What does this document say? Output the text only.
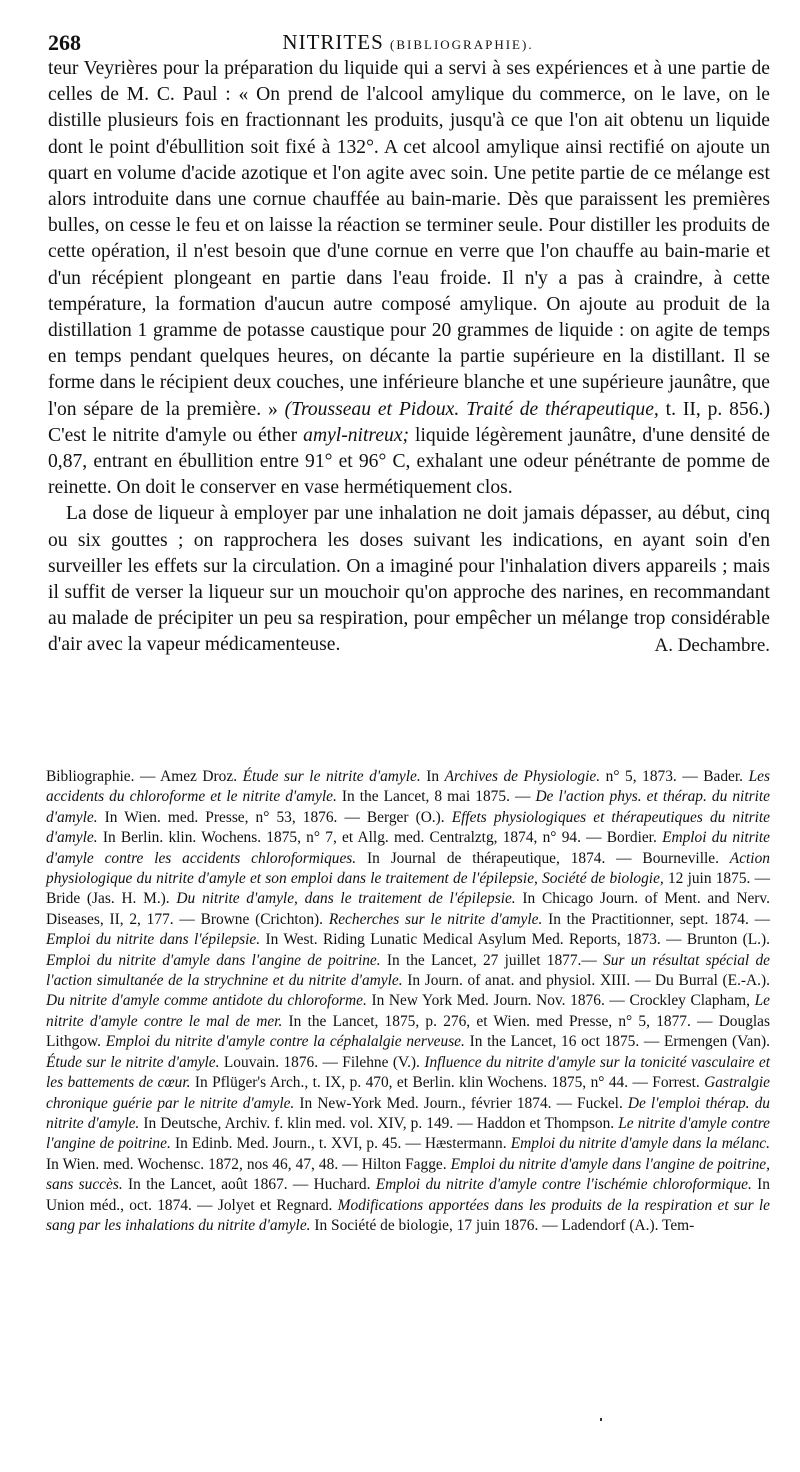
268	NITRITES (BIBLIOGRAPHIE).

teur Veyrières pour la préparation du liquide qui a servi à ses expériences et à une partie de celles de M. C. Paul : « On prend de l'alcool amylique du commerce, on le lave, on le distille plusieurs fois en fractionnant les produits, jusqu'à ce que l'on ait obtenu un liquide dont le point d'ébullition soit fixé à 132°. A cet alcool amylique ainsi rectifié on ajoute un quart en volume d'acide azotique et l'on agite avec soin. Une petite partie de ce mélange est alors introduite dans une cornue chauffée au bain-marie. Dès que paraissent les premières bulles, on cesse le feu et on laisse la réaction se terminer seule. Pour distiller les produits de cette opération, il n'est besoin que d'une cornue en verre que l'on chauffe au bain-marie et d'un récépient plongeant en partie dans l'eau froide. Il n'y a pas à craindre, à cette température, la formation d'aucun autre composé amylique. On ajoute au produit de la distillation 1 gramme de potasse caustique pour 20 grammes de liquide : on agite de temps en temps pendant quelques heures, on décante la partie supérieure en la distillant. Il se forme dans le récipient deux couches, une inférieure blanche et une supérieure jaunâtre, que l'on sépare de la première. » (Trousseau et Pidoux. Traité de thérapeutique, t. II, p. 856.) C'est le nitrite d'amyle ou éther amyl-nitreux; liquide légèrement jaunâtre, d'une densité de 0,87, entrant en ébullition entre 91° et 96° C, exhalant une odeur pénétrante de pomme de reinette. On doit le conserver en vase hermétiquement clos.

La dose de liqueur à employer par une inhalation ne doit jamais dépasser, au début, cinq ou six gouttes ; on rapprochera les doses suivant les indications, en ayant soin d'en surveiller les effets sur la circulation. On a imaginé pour l'inhalation divers appareils ; mais il suffit de verser la liqueur sur un mouchoir qu'on approche des narines, en recommandant au malade de précipiter un peu sa respiration, pour empêcher un mélange trop considérable d'air avec la vapeur médicamenteuse.	A. Dechambre.

Bibliographie. — Amez Droz. Étude sur le nitrite d'amyle. In Archives de Physiologie. n° 5, 1873. — Bader. Les accidents du chloroforme et le nitrite d'amyle. In the Lancet, 8 mai 1875. — De l'action phys. et thérap. du nitrite d'amyle. In Wien. med. Presse, n° 53, 1876. — Berger (O.). Effets physiologiques et thérapeutiques du nitrite d'amyle. In Berlin. klin. Wochens. 1875, n° 7, et Allg. med. Centralztg, 1874, n° 94. — Bordier. Emploi du nitrite d'amyle contre les accidents chloroformiques. In Journal de thérapeutique, 1874. — Bourneville. Action physiologique du nitrite d'amyle et son emploi dans le traitement de l'épilepsie, Société de biologie, 12 juin 1875. — Bride (Jas. H. M.). Du nitrite d'amyle, dans le traitement de l'épilepsie. In Chicago Journ. of Ment. and Nerv. Diseases, II, 2, 177. — Browne (Crichton). Recherches sur le nitrite d'amyle. In the Practitionner, sept. 1874. — Emploi du nitrite dans l'épilepsie. In West. Riding Lunatic Medical Asylum Med. Reports, 1873. — Brunton (L.). Emploi du nitrite d'amyle dans l'angine de poitrine. In the Lancet, 27 juillet 1877.— Sur un résultat spécial de l'action simultanée de la strychnine et du nitrite d'amyle. In Journ. of anat. and physiol. XIII. — Du Burral (E.-A.). Du nitrite d'amyle comme antidote du chloroforme. In New York Med. Journ. Nov. 1876. — Crockley Clapham, Le nitrite d'amyle contre le mal de mer. In the Lancet, 1875, p. 276, et Wien. med Presse, n° 5, 1877. — Douglas Lithgow. Emploi du nitrite d'amyle contre la céphalalgie nerveuse. In the Lancet, 16 oct 1875. — Ermengen (Van). Étude sur le nitrite d'amyle. Louvain. 1876. — Filehne (V.). Influence du nitrite d'amyle sur la tonicité vasculaire et les battements de cœur. In Pflüger's Arch., t. IX, p. 470, et Berlin. klin Wochens. 1875, n° 44. — Forrest. Gastralgie chronique guérie par le nitrite d'amyle. In New-York Med. Journ., février 1874. — Fuckel. De l'emploi thérap. du nitrite d'amyle. In Deutsche, Archiv. f. klin med. vol. XIV, p. 149. — Haddon et Thompson. Le nitrite d'amyle contre l'angine de poitrine. In Edinb. Med. Journ., t. XVI, p. 45. — Hæstermann. Emploi du nitrite d'amyle dans la mélanc. In Wien. med. Wochensc. 1872, nos 46, 47, 48. — Hilton Fagge. Emploi du nitrite d'amyle dans l'angine de poitrine, sans succès. In the Lancet, août 1867. — Huchard. Emploi du nitrite d'amyle contre l'ischémie chloroformique. In Union méd., oct. 1874. — Jolyet et Regnard. Modifications apportées dans les produits de la respiration et sur le sang par les inhalations du nitrite d'amyle. In Société de biologie, 17 juin 1876. — Ladendorf (A.). Tem-
